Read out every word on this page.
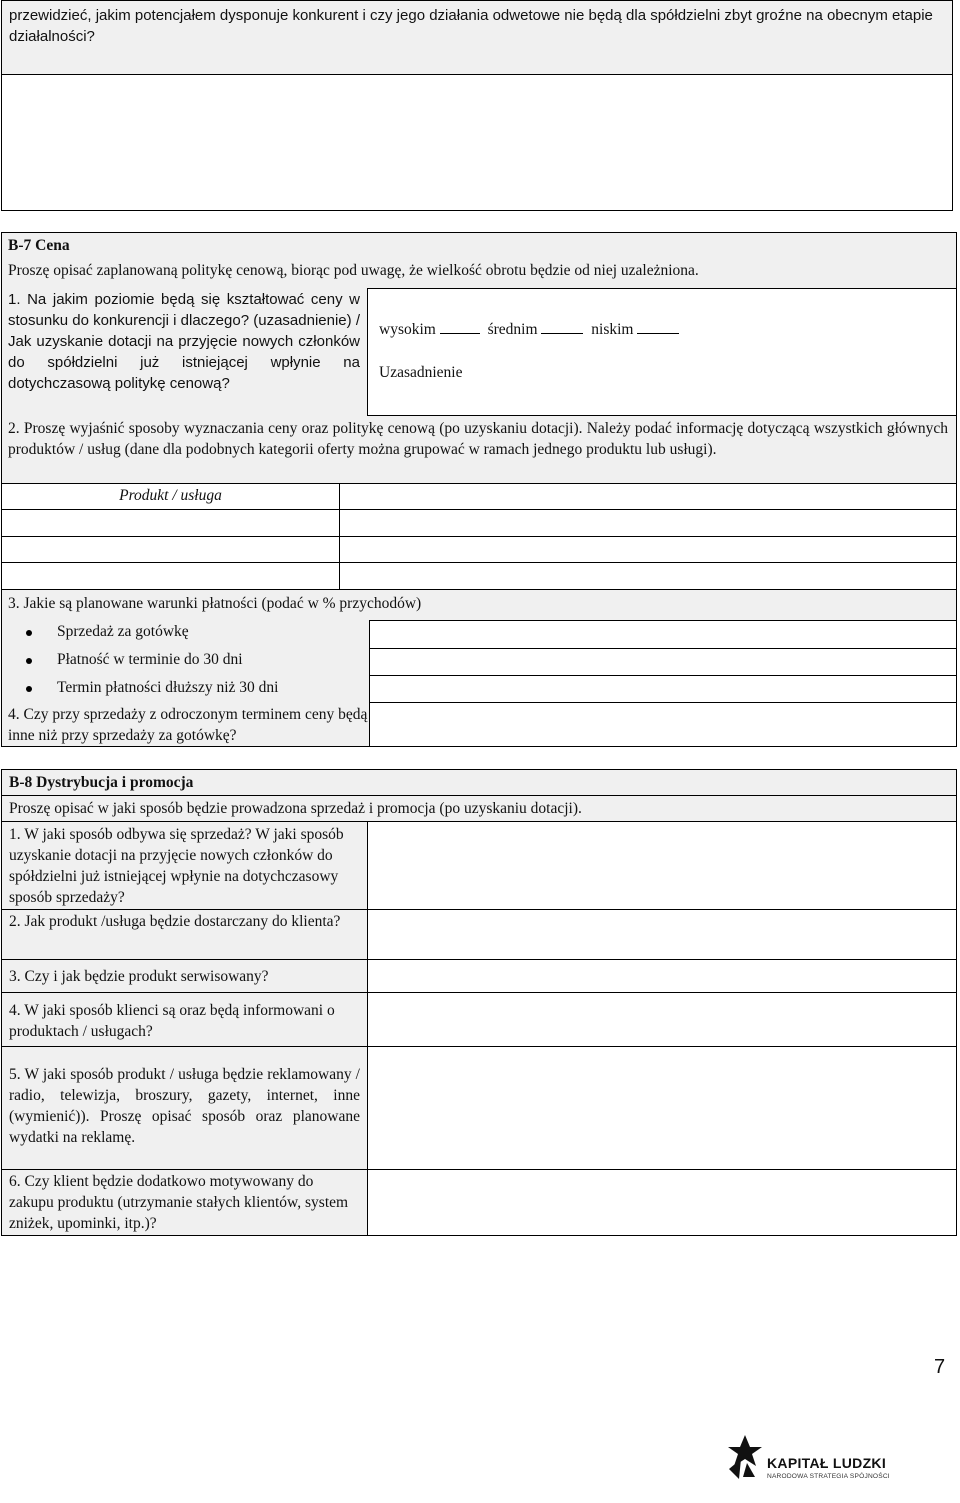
przewidzieć, jakim potencjałem dysponuje konkurent i czy jego działania odwetowe nie będą dla spółdzielni zbyt groźne na obecnym etapie działalności?
B-7 Cena
Proszę opisać zaplanowaną politykę cenową, biorąc pod uwagę, że wielkość obrotu będzie od niej uzależniona.
1. Na jakim poziomie będą się kształtować ceny w stosunku do konkurencji i dlaczego? (uzasadnienie) / Jak uzyskanie dotacji na przyjęcie nowych członków do spółdzielni już istniejącej wpłynie na dotychczasową politykę cenową?
wysokim	średnim	niskim
Uzasadnienie
2. Proszę wyjaśnić sposoby wyznaczania ceny oraz politykę cenową (po uzyskaniu dotacji). Należy podać informację dotyczącą wszystkich głównych produktów / usług (dane dla podobnych kategorii oferty można grupować w ramach jednego produktu lub usługi).
Produkt / usługa
3. Jakie są planowane warunki płatności (podać w % przychodów)
Sprzedaż za gotówkę
Płatność w terminie do 30 dni
Termin płatności dłuższy niż 30 dni
4. Czy przy sprzedaży z odroczonym terminem ceny będą inne niż przy sprzedaży za gotówkę?
B-8 Dystrybucja i promocja
Proszę opisać w jaki sposób będzie prowadzona sprzedaż i promocja (po uzyskaniu dotacji).
1. W jaki sposób odbywa się sprzedaż? W jaki sposób uzyskanie dotacji na przyjęcie nowych członków do spółdzielni już istniejącej wpłynie na dotychczasowy sposób sprzedaży?
2. Jak produkt /usługa będzie dostarczany do klienta?
3. Czy i jak będzie produkt serwisowany?
4. W jaki sposób klienci są oraz będą informowani o produktach / usługach?
5. W jaki sposób produkt / usługa będzie reklamowany / radio, telewizja, broszury, gazety, internet, inne (wymienić)). Proszę opisać sposób oraz planowane wydatki na reklamę.
6. Czy klient będzie dodatkowo motywowany do zakupu produktu (utrzymanie stałych klientów, system zniżek, upominki, itp.)?
7
KAPITAŁ LUDZKI
NARODOWA STRATEGIA SPÓJNOŚCI
